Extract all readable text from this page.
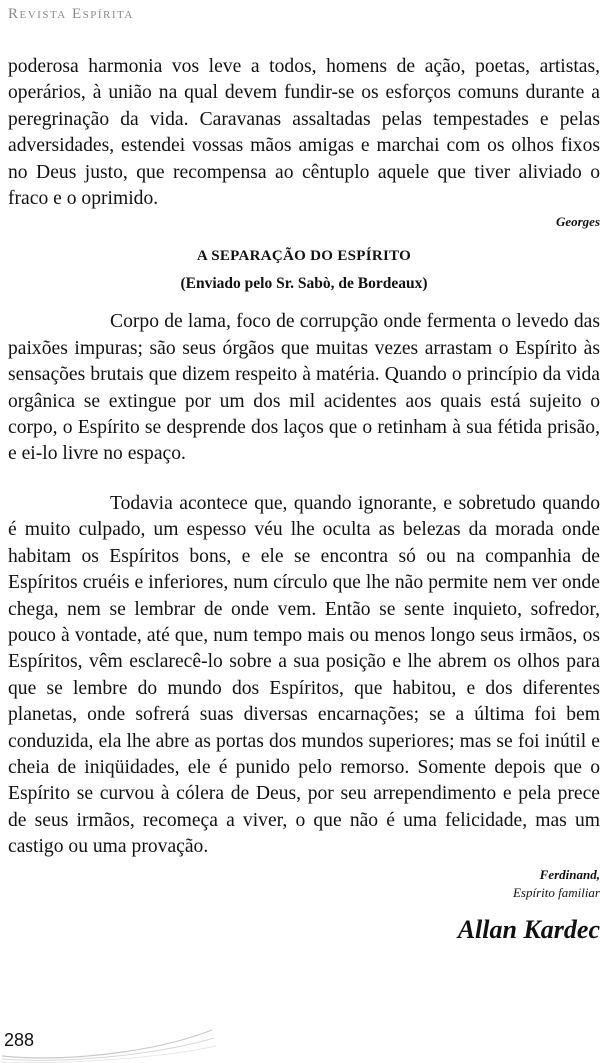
Revista Espírita

poderosa harmonia vos leve a todos, homens de ação, poetas, artistas, operários, à união na qual devem fundir-se os esforços comuns durante a peregrinação da vida. Caravanas assaltadas pelas tempestades e pelas adversidades, estendei vossas mãos amigas e marchai com os olhos fixos no Deus justo, que recompensa ao cêntuplo aquele que tiver aliviado o fraco e o oprimido.

Georges

A SEPARAÇÃO DO ESPÍRITO

(Enviado pelo Sr. Sabò, de Bordeaux)

Corpo de lama, foco de corrupção onde fermenta o levedo das paixões impuras; são seus órgãos que muitas vezes arrastam o Espírito às sensações brutais que dizem respeito à matéria. Quando o princípio da vida orgânica se extingue por um dos mil acidentes aos quais está sujeito o corpo, o Espírito se desprende dos laços que o retinham à sua fétida prisão, e ei-lo livre no espaço.

Todavia acontece que, quando ignorante, e sobretudo quando é muito culpado, um espesso véu lhe oculta as belezas da morada onde habitam os Espíritos bons, e ele se encontra só ou na companhia de Espíritos cruéis e inferiores, num círculo que lhe não permite nem ver onde chega, nem se lembrar de onde vem. Então se sente inquieto, sofredor, pouco à vontade, até que, num tempo mais ou menos longo seus irmãos, os Espíritos, vêm esclarecê-lo sobre a sua posição e lhe abrem os olhos para que se lembre do mundo dos Espíritos, que habitou, e dos diferentes planetas, onde sofrerá suas diversas encarnações; se a última foi bem conduzida, ela lhe abre as portas dos mundos superiores; mas se foi inútil e cheia de iniqüidades, ele é punido pelo remorso. Somente depois que o Espírito se curvou à cólera de Deus, por seu arrependimento e pela prece de seus irmãos, recomeça a viver, o que não é uma felicidade, mas um castigo ou uma provação.

Ferdinand,

Espírito familiar

Allan Kardec

288
